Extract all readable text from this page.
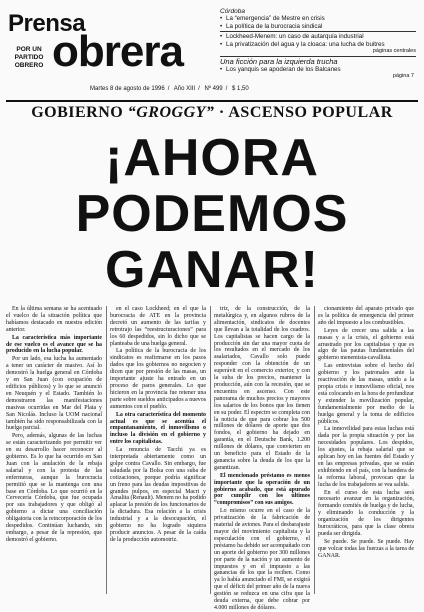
Prensa
obrera
POR UN
PARTIDO
OBRERO
Martes 8 de agosto de 1996 / Año XIII / Nº 499 / $ 1,50
Córdoba
• La “emergencia” de Mestre en crisis
• La política de la burocracia sindical
• Lockheed-Menem: un caso de autarquía industrial
• La privatización del agua y la cloaca: una lucha de buitres
páginas centrales
Una ficción para la izquierda trucha
• Los yanquis se apoderan de los Balcanes
página 7
GOBIERNO “GROGGY” · ASCENSO POPULAR
¡AHORA
PODEMOS
GANAR!

En la última semana se ha acentuado el vuelco de la situación política que habíamos destacado en nuestra edición anterior.

La característica más importante de ese vuelco es el avance que se ha producido en la lucha popular.

Por un lado, esa lucha ha aumentado a tener un carácter de masivo. Así lo demostró la huelga general en Córdoba y en San Juan (con ocupación de edificios públicos) y lo que se anunció en Neuquén y el Estado. También lo demostraron las manifestaciones masivas ocurridas en Mar del Plata y San Nicolás. Incluso la UOM nacional también ha sido responsabilizada con la huelga parcial.

Pero, además, algunas de las luchas se están caracterizando por permitir ver en su desarrollo hacer reconocer al gobierno. Es lo que ha ocurrido en San Juan con la anulación de la rebaja salarial y con la protesta de las enfermeras, aunque la burocracia permitió que se la mantenga con una base en Córdoba. Lo que ocurrió en la Cervecería Córdoba, que fue ocupada por sus trabajadores y que obligó al gobierno a dictar una conciliación obligatoria con la reincorporación de los despedidos. Continúan luchando, sin embargo, a pesar de la represión, que demostró el gobierno.

en el caso Lockheed; en el que la burocracia de ATE en la provincia decretó un aumento de las tarifas y retrotrajo las “reestructuraciones” para los 60 despedidos, sin lo dicho que se planteaba de una huelga general.

La política de la burocracia de los sindicatos es reafirmarse en los pasos dados que los gobiernos no negocien y dicen que por presión de las masas, un importante ajuste ha entrado en un proceso de paros generales. Lo que hicieron en la provincia fue retener una parte sobre sueldos anticipados a nuevos aumentos con el pueblo.

La otra característica del momento actual es que se acentúa el empantanamiento, el inmovilismo o incluso la división en el gobierno y entre los capitalistas.

La renuncia de Tacchi ya es interpretada abiertamente como un golpe contra Cavallo. Sin embargo, fue saludada por la Bolsa con una suba de cotizaciones, porque podría significar un freno para las deudas impositivas de grandes pulpos, en especial Macri y Amalita (Renault). Menem no ha podido aplacar la presión de los funcionarios de la dictadura. Esa relación a la crisis industrial y a la desocupación, el gobierno no ha logrado siquiera producir anuncios. A pesar de la caída de la producción automotriz.

triz, de la construcción, de la metalúrgica y, en algunos rubros de la alimentación, sindicatos de docentes que llevan a la totalidad de los cuadros. Los capitalistas se hacen cargo de la producción sin dar una mayor cuota de los resultados en el mercado de los asalariados, Cavallo solo puede responder con la obtención de un superávit en el comercio exterior, y con la suba de los precios, mantener la producción, aún con la recesión, que se encuentra en ascenso. Con este panorama de muchos precios y mayores los salarios de los bonos que los tienen en su poder. El espectro se completa con la noticia de que para cobrar los 500 millones de dólares de aporte que dos fondos, el gobierno ha dejado en garantía, en el Deutsche Bank, 1.200 millones de dólares, que convierten en un beneficio para el Estado de la ganancia sobre la deuda de los que la garantizan.

El mencionado préstamo es menos importante que la operación de un gobierno acabado, que está apurado por cumplir con los últimos “compromisos” con sus amigos.

Lo mismo ocurre en el caso de la privatización de la fabricación de material de aviones. Para el desbarajuste mayor del movimiento capitalista y la especulación con el gobierno, el préstamo ha debido ser acompañado con un aporte del gobierno por 300 millones por parte de la nación y un aumento de impuestos y en el impuesto a las ganancias de los que la reciben. Como ya lo había anunciado el FMI, se exigirá que el déficit del primer año de la nueva gestión se reduzca en una cifra que la deuda externa, que debe cobrar por 4.000 millones de dólares.

cionamiento del aparato privado que es la política de emergencia del primer año del impuesto a los combustibles.

Leyes de crecer una salida a las masas y a la crisis, el gobierno está arrastrado por los capitalistas y que es algo de las pautas fundamentales del gobierno menemista-cavallista.

Las entrevistas sobre el hecho del gobierno y los patronales ante la reactivación de las masas, unido a la propia crisis e inmovilismo oficial, nos está colocando en la hora de profundizar y extender la movilización popular, fundamentalmente por medio de la huelga general y la toma de edificios públicos.

La inmovilidad para estas luchas está dada por la propia situación y por las necesidades populares. Los despidos, los ajustes, la rebaja salarial que se aplican hoy en las fuentes del Estado y en las empresas privadas, que se están exhibiendo en el país, con la bandera de la reforma laboral, provocan que la lucha de los trabajadores se vea salida.

En el curso de esta lucha será necesario avanzar en la organización, formando comités de huelga y de lucha, y eliminando la conducción y la organización de los dirigentes burocráticos, para que la clase obrera pueda ser dirigida.

Se puede. Se puede. Se puede. Hay que volcar todas las fuerzas a la tarea de GANAR.
